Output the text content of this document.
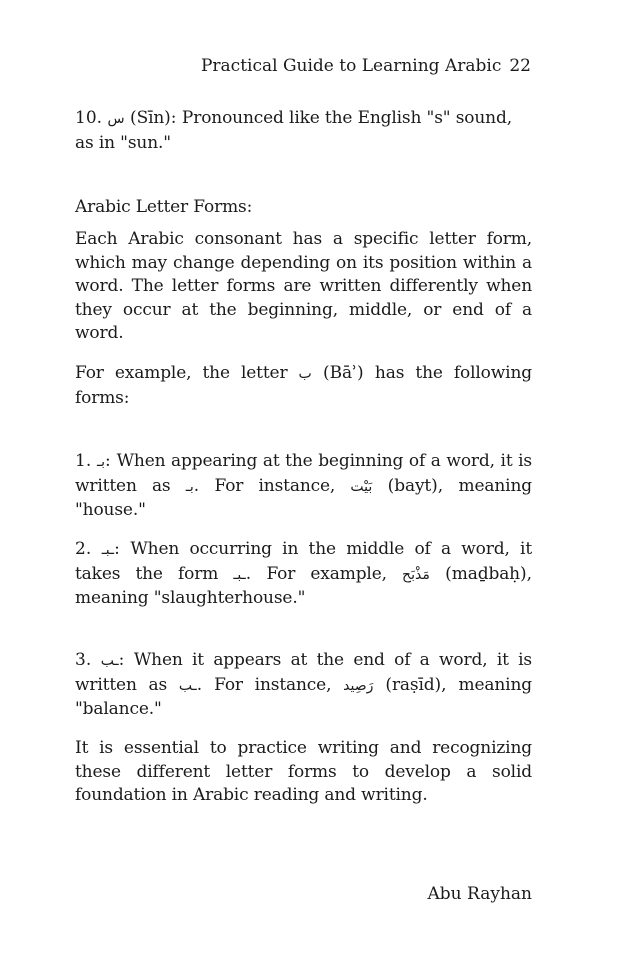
Practical Guide to Learning Arabic 22

10. س (Sīn): Pronounced like the English "s" sound, as in "sun."

Arabic Letter Forms:

Each Arabic consonant has a specific letter form, which may change depending on its position within a word. The letter forms are written differently when they occur at the beginning, middle, or end of a word.

For example, the letter ب (Bāʾ) has the following forms:

1. بـ: When appearing at the beginning of a word, it is written as بـ. For instance, بَيْت (bayt), meaning "house."

2. ـبـ: When occurring in the middle of a word, it takes the form ـبـ. For example, مَذْبَح (maḏbaḥ), meaning "slaughterhouse."

3. ـب: When it appears at the end of a word, it is written as ـب. For instance, رَصِيد (raṣīd), meaning "balance."

It is essential to practice writing and recognizing these different letter forms to develop a solid foundation in Arabic reading and writing.

Abu Rayhan
